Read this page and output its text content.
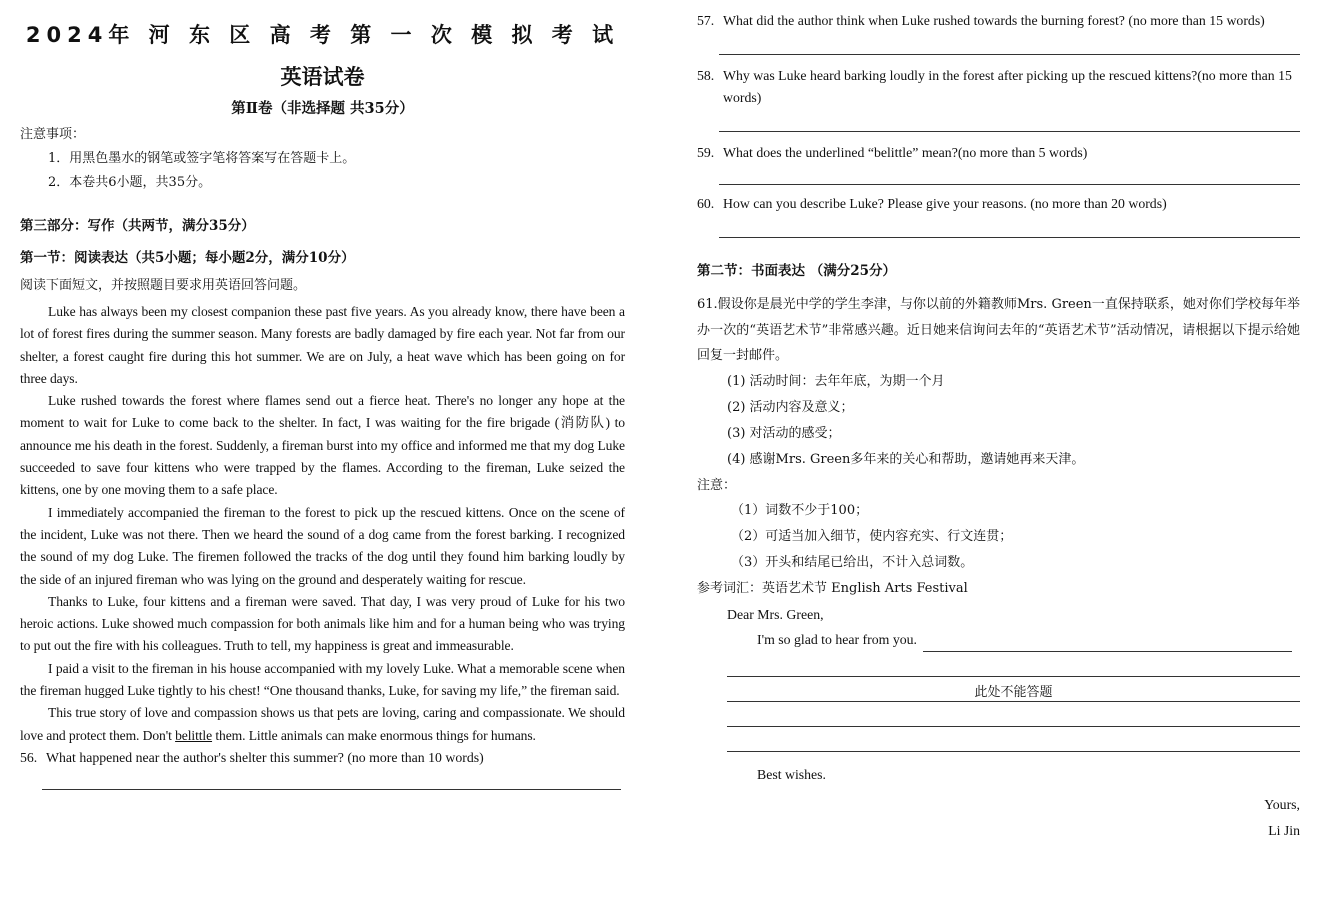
2024年 河 东 区 高 考 第 一 次 模 拟 考 试
英语试卷
第Ⅱ卷（非选择题 共35分）
注意事项：
1．用黑色墨水的钢笔或签字笔将答案写在答题卡上。
2．本卷共6小题，共35分。
第三部分：写作（共两节，满分35分）
第一节：阅读表达（共5小题；每小题2分，满分10分）
阅读下面短文，并按照题目要求用英语回答问题。

Luke has always been my closest companion these past five years. As you already know, there have been a lot of forest fires during the summer season. Many forests are badly damaged by fire each year. Not far from our shelter, a forest caught fire during this hot summer. We are on July, a heat wave which has been going on for three days.

Luke rushed towards the forest where flames send out a fierce heat. There's no longer any hope at the moment to wait for Luke to come back to the shelter. In fact, I was waiting for the fire brigade (消防队) to announce me his death in the forest. Suddenly, a fireman burst into my office and informed me that my dog Luke succeeded to save four kittens who were trapped by the flames. According to the fireman, Luke seized the kittens, one by one moving them to a safe place.

I immediately accompanied the fireman to the forest to pick up the rescued kittens. Once on the scene of the incident, Luke was not there. Then we heard the sound of a dog came from the forest barking. I recognized the sound of my dog Luke. The firemen followed the tracks of the dog until they found him barking loudly by the side of an injured fireman who was lying on the ground and desperately waiting for rescue.

Thanks to Luke, four kittens and a fireman were saved. That day, I was very proud of Luke for his two heroic actions. Luke showed much compassion for both animals like him and for a human being who was trying to put out the fire with his colleagues. Truth to tell, my happiness is great and immeasurable.

I paid a visit to the fireman in his house accompanied with my lovely Luke. What a memorable scene when the fireman hugged Luke tightly to his chest! “One thousand thanks, Luke, for saving my life,” the fireman said.

This true story of love and compassion shows us that pets are loving, caring and compassionate. We should love and protect them. Don't belittle them. Little animals can make enormous things for humans.

56. What happened near the author's shelter this summer? (no more than 10 words)
57. What did the author think when Luke rushed towards the burning forest? (no more than 15 words)
58. Why was Luke heard barking loudly in the forest after picking up the rescued kittens?(no more than 15 words)
59. What does the underlined “belittle” mean?(no more than 5 words)
60. How can you describe Luke? Please give your reasons. (no more than 20 words)
第二节：书面表达 （满分25分）
61.假设你是晨光中学的学生李津，与你以前的外籍教师Mrs. Green一直保持联系，她对你们学校每年举办一次的“英语艺术节”非常感兴趣。近日她来信询问去年的“英语艺术节”活动情况，请根据以下提示给她回复一封邮件。
(1) 活动时间：去年年底，为期一个月
(2) 活动内容及意义；
(3) 对活动的感受；
(4) 感谢Mrs. Green多年来的关心和帮助，邀请她再来天津。
注意：
（1）词数不少于100；
（2）可适当加入细节，使内容充实、行文连贯；
（3）开头和结尾已给出，不计入总词数。
参考词汇：英语艺术节 English Arts Festival
Dear Mrs. Green,
I'm so glad to hear from you.
此处不能答题
Best wishes.
Yours,
Li Jin
